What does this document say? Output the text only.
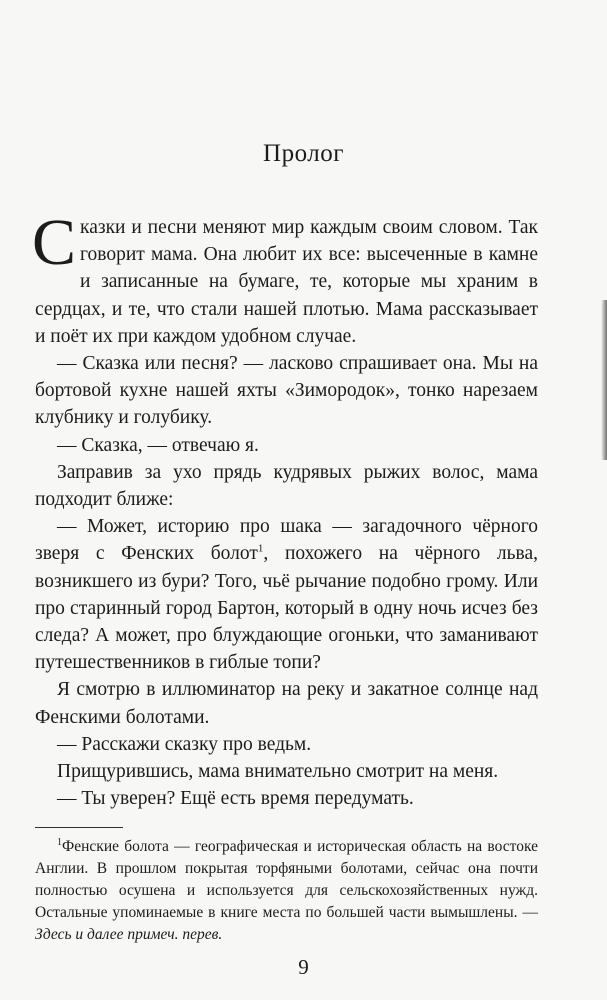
Пролог

Сказки и песни меняют мир каждым своим словом. Так говорит мама. Она любит их все: высеченные в камне и записанные на бумаге, те, которые мы храним в сердцах, и те, что стали нашей плотью. Мама рассказывает и поёт их при каждом удобном случае.

— Сказка или песня? — ласково спрашивает она. Мы на бортовой кухне нашей яхты «Зимородок», тонко нарезаем клубнику и голубику.

— Сказка, — отвечаю я.

Заправив за ухо прядь кудрявых рыжих волос, мама подходит ближе:

— Может, историю про шака — загадочного чёрного зверя с Фенских болот$^1$, похожего на чёрного льва, возникшего из бури? Того, чьё рычание подобно грому. Или про старинный город Бартон, который в одну ночь исчез без следа? А может, про блуждающие огоньки, что заманивают путешественников в гиблые топи?

Я смотрю в иллюминатор на реку и закатное солнце над Фенскими болотами.

— Расскажи сказку про ведьм.

Прищурившись, мама внимательно смотрит на меня.

— Ты уверен? Ещё есть время передумать.

$^1$Фенские болота — географическая и историческая область на востоке Англии. В прошлом покрытая торфяными болотами, сейчас она почти полностью осушена и используется для сельскохозяйственных нужд. Остальные упоминаемые в книге места по большей части вымышлены. — Здесь и далее примеч. перев.

9
